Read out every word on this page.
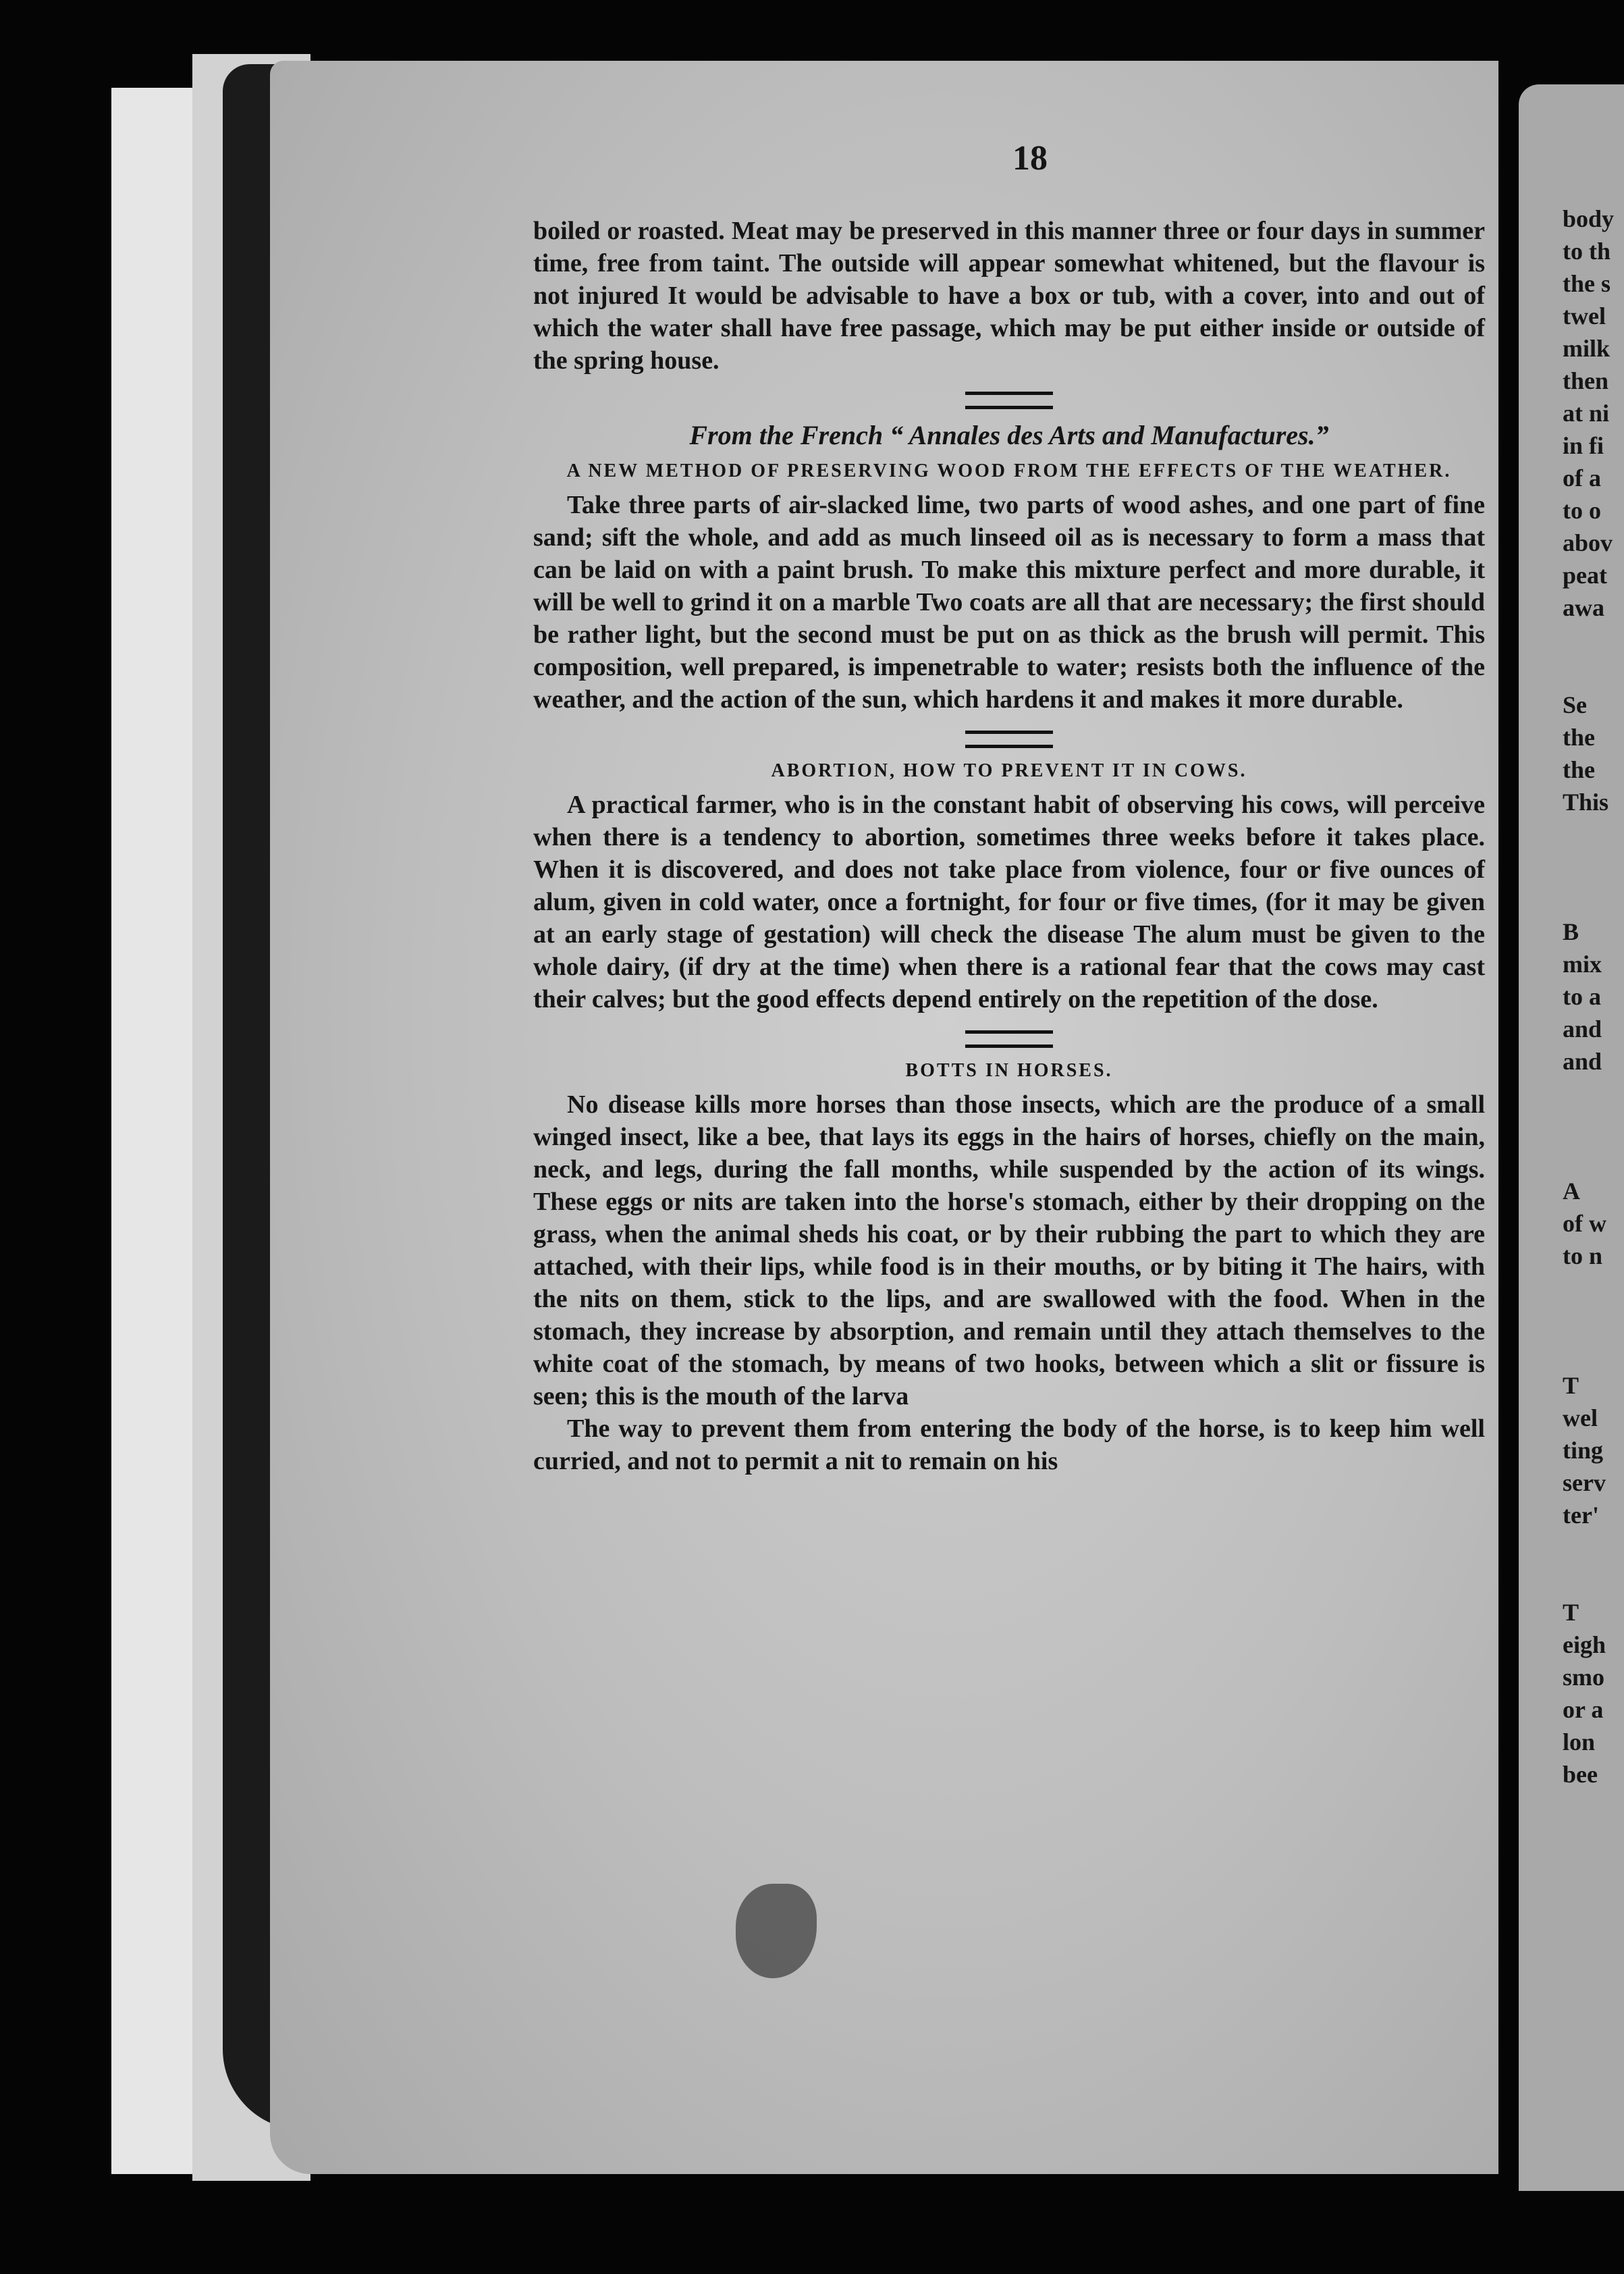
18

boiled or roasted. Meat may be preserved in this manner three or four days in summer time, free from taint. The outside will appear somewhat whitened, but the flavour is not injured It would be advisable to have a box or tub, with a cover, into and out of which the water shall have free passage, which may be put either inside or outside of the spring house.

From the French “ Annales des Arts and Manufactures.”
A NEW METHOD OF PRESERVING WOOD FROM THE EFFECTS OF THE WEATHER.

Take three parts of air-slacked lime, two parts of wood ashes, and one part of fine sand; sift the whole, and add as much linseed oil as is necessary to form a mass that can be laid on with a paint brush. To make this mixture perfect and more durable, it will be well to grind it on a marble Two coats are all that are necessary; the first should be rather light, but the second must be put on as thick as the brush will permit. This composition, well prepared, is impenetrable to water; resists both the influence of the weather, and the action of the sun, which hardens it and makes it more durable.

ABORTION, HOW TO PREVENT IT IN COWS.

A practical farmer, who is in the constant habit of observing his cows, will perceive when there is a tendency to abortion, sometimes three weeks before it takes place. When it is discovered, and does not take place from violence, four or five ounces of alum, given in cold water, once a fortnight, for four or five times, (for it may be given at an early stage of gestation) will check the disease The alum must be given to the whole dairy, (if dry at the time) when there is a rational fear that the cows may cast their calves; but the good effects depend entirely on the repetition of the dose.

BOTTS IN HORSES.

No disease kills more horses than those insects, which are the produce of a small winged insect, like a bee, that lays its eggs in the hairs of horses, chiefly on the main, neck, and legs, during the fall months, while suspended by the action of its wings. These eggs or nits are taken into the horse's stomach, either by their dropping on the grass, when the animal sheds his coat, or by their rubbing the part to which they are attached, with their lips, while food is in their mouths, or by biting it The hairs, with the nits on them, stick to the lips, and are swallowed with the food. When in the stomach, they increase by absorption, and remain until they attach themselves to the white coat of the stomach, by means of two hooks, between which a slit or fissure is seen; this is the mouth of the larva

The way to prevent them from entering the body of the horse, is to keep him well curried, and not to permit a nit to remain on his

body
to th
the s
twel
milk
then
at ni
in fi
of a
to o
abov
peat
awa

Se
the
the
This

B
mix
to a
and
and

A
of w
to n

T
wel
ting
serv
ter'

T
eigh
smo
or a
lon
bee
